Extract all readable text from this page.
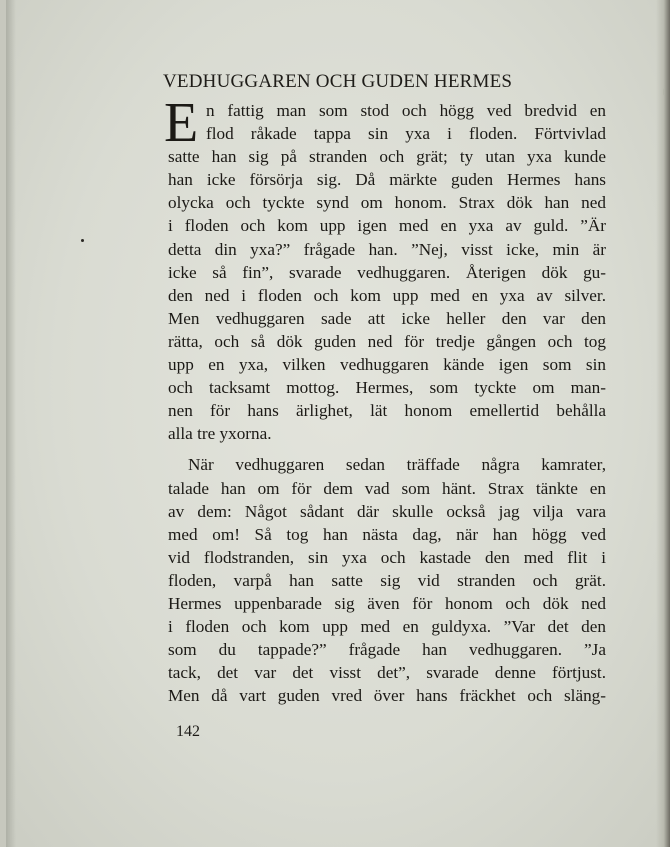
VEDHUGGAREN OCH GUDEN HERMES
E n fattig man som stod och högg ved bredvid en
flod råkade tappa sin yxa i floden. Förtvivlad
satte han sig på stranden och grät; ty utan yxa kunde
han icke försörja sig. Då märkte guden Hermes hans
olycka och tyckte synd om honom. Strax dök han ned
i floden och kom upp igen med en yxa av guld. ”Är
detta din yxa?” frågade han. ”Nej, visst icke, min är
icke så fin”, svarade vedhuggaren. Återigen dök gu-
den ned i floden och kom upp med en yxa av silver.
Men vedhuggaren sade att icke heller den var den
rätta, och så dök guden ned för tredje gången och tog
upp en yxa, vilken vedhuggaren kände igen som sin
och tacksamt mottog. Hermes, som tyckte om man-
nen för hans ärlighet, lät honom emellertid behålla
alla tre yxorna.
När vedhuggaren sedan träffade några kamrater,
talade han om för dem vad som hänt. Strax tänkte en
av dem: Något sådant där skulle också jag vilja vara
med om! Så tog han nästa dag, när han högg ved
vid flodstranden, sin yxa och kastade den med flit i
floden, varpå han satte sig vid stranden och grät.
Hermes uppenbarade sig även för honom och dök ned
i floden och kom upp med en guldyxa. ”Var det den
som du tappade?” frågade han vedhuggaren. ”Ja
tack, det var det visst det”, svarade denne förtjust.
Men då vart guden vred över hans fräckhet och släng-
142
